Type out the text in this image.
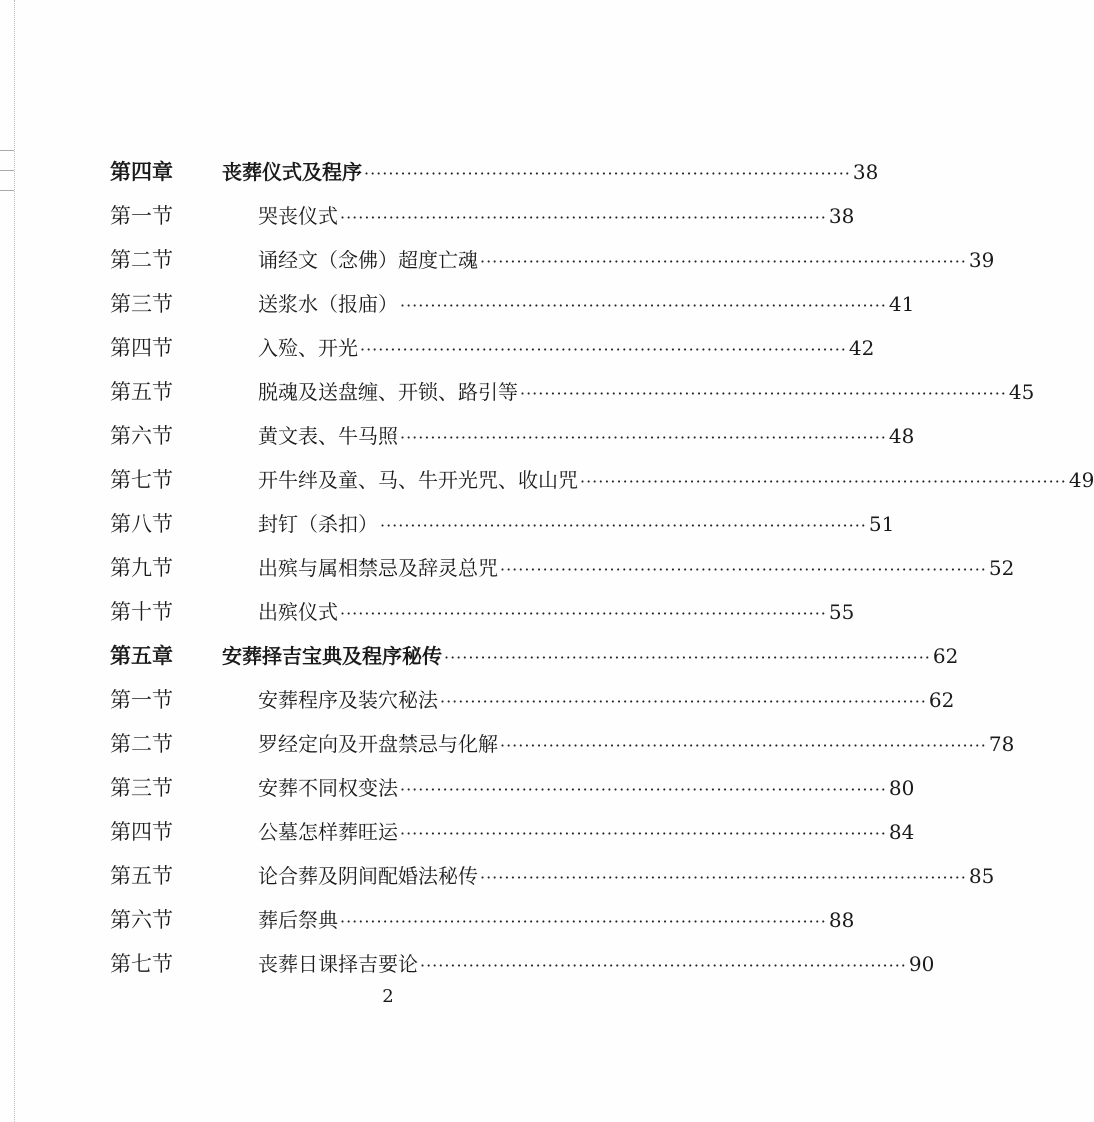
第四章 丧葬仪式及程序 ················································································ 38
第一节	哭丧仪式 ················································································ 38
第二节	诵经文（念佛）超度亡魂 ················································································ 39
第三节	送浆水（报庙） ················································································ 41
第四节	入殓、开光 ················································································ 42
第五节	脱魂及送盘缠、开锁、路引等 ················································································ 45
第六节	黄文表、牛马照 ················································································ 48
第七节	开牛绊及童、马、牛开光咒、收山咒 ················································································ 49
第八节	封钉（杀扣） ················································································ 51
第九节	出殡与属相禁忌及辞灵总咒 ················································································ 52
第十节	出殡仪式 ················································································ 55
第五章 安葬择吉宝典及程序秘传 ················································································ 62
第一节	安葬程序及装穴秘法 ················································································ 62
第二节	罗经定向及开盘禁忌与化解 ················································································ 78
第三节	安葬不同权变法 ················································································ 80
第四节	公墓怎样葬旺运 ················································································ 84
第五节	论合葬及阴间配婚法秘传 ················································································ 85
第六节	葬后祭典 ················································································ 88
第七节	丧葬日课择吉要论 ················································································ 90
2
